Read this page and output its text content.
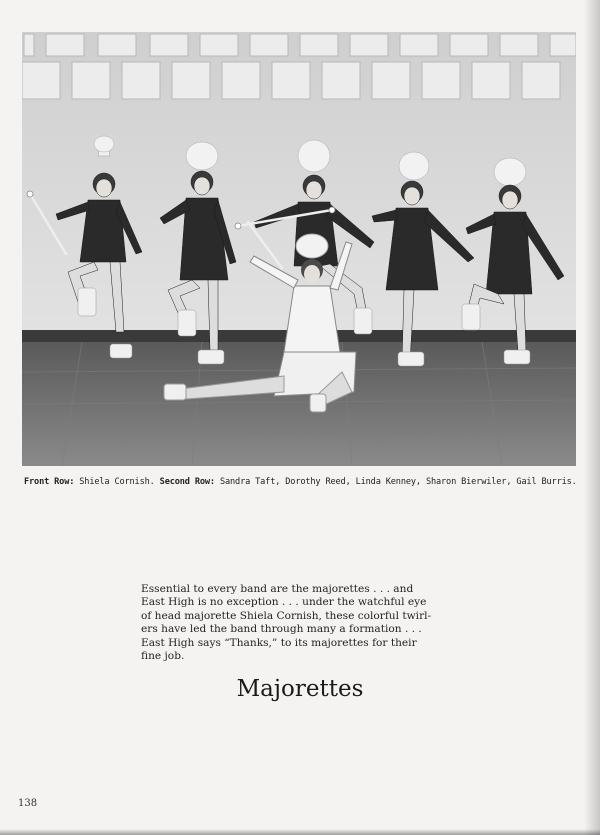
Front Row: Shiela Cornish. Second Row: Sandra Taft, Dorothy Reed, Linda Kenney, Sharon Bierwiler, Gail Burris.
Essential to every band are the majorettes . . . and
East High is no exception . . . under the watchful eye
of head majorette Shiela Cornish, these colorful twirl-
ers have led the band through many a formation . . .
East High says “Thanks,” to its majorettes for their
fine job.
Majorettes
138
